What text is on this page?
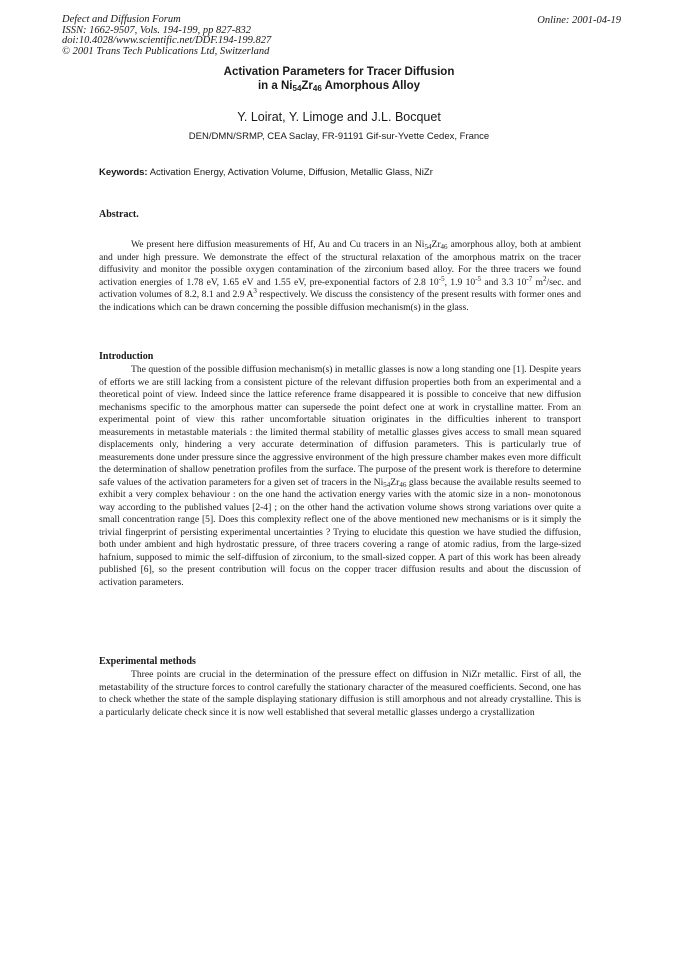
Defect and Diffusion Forum
ISSN: 1662-9507, Vols. 194-199, pp 827-832
doi:10.4028/www.scientific.net/DDF.194-199.827
© 2001 Trans Tech Publications Ltd, Switzerland
Online: 2001-04-19
Activation Parameters for Tracer Diffusion
in a $Ni_{54}Zr_{46}$ Amorphous Alloy
Y. Loirat, Y. Limoge and J.L. Bocquet
DEN/DMN/SRMP, CEA Saclay, FR-91191 Gif-sur-Yvette Cedex, France
Keywords: Activation Energy, Activation Volume, Diffusion, Metallic Glass, NiZr
Abstract.

We present here diffusion measurements of Hf, Au and Cu tracers in an $Ni_{54}Zr_{46}$ amorphous alloy, both at ambient and under high pressure. We demonstrate the effect of the structural relaxation of the amorphous matrix on the tracer diffusivity and monitor the possible oxygen contamination of the zirconium based alloy. For the three tracers we found activation energies of 1.78 eV, 1.65 eV and 1.55 eV, pre-exponential factors of 2.8 $10^{-5}$, 1.9 $10^{-5}$ and 3.3 $10^{-7}$ $m^2/\sec$. and activation volumes of 8.2, 8.1 and 2.9 $A^3$ respectively. We discuss the consistency of the present results with former ones and the indications which can be drawn concerning the possible diffusion mechanism(s) in the glass.

Introduction

The question of the possible diffusion mechanism(s) in metallic glasses is now a long standing one [1]. Despite years of efforts we are still lacking from a consistent picture of the relevant diffusion properties both from an experimental and a theoretical point of view. Indeed since the lattice reference frame disappeared it is possible to conceive that new diffusion mechanisms specific to the amorphous matter can supersede the point defect one at work in crystalline matter. From an experimental point of view this rather uncomfortable situation originates in the difficulties inherent to transport measurements in metastable materials : the limited thermal stability of metallic glasses gives access to small mean squared displacements only, hindering a very accurate determination of diffusion parameters. This is particularly true of measurements done under pressure since the aggressive environment of the high pressure chamber makes even more difficult the determination of shallow penetration profiles from the surface. The purpose of the present work is therefore to determine safe values of the activation parameters for a given set of tracers in the $Ni_{54}Zr_{46}$ glass because the available results seemed to exhibit a very complex behaviour : on the one hand the activation energy varies with the atomic size in a non- monotonous way according to the published values [2-4] ; on the other hand the activation volume shows strong variations over quite a small concentration range [5]. Does this complexity reflect one of the above mentioned new mechanisms or is it simply the trivial fingerprint of persisting experimental uncertainties ? Trying to elucidate this question we have studied the diffusion, both under ambient and high hydrostatic pressure, of three tracers covering a range of atomic radius, from the large-sized hafnium, supposed to mimic the self-diffusion of zirconium, to the small-sized copper. A part of this work has been already published [6], so the present contribution will focus on the copper tracer diffusion results and about the discussion of activation parameters.

Experimental methods

Three points are crucial in the determination of the pressure effect on diffusion in NiZr metallic. First of all, the metastability of the structure forces to control carefully the stationary character of the measured coefficients. Second, one has to check whether the state of the sample displaying stationary diffusion is still amorphous and not already crystalline. This is a particularly delicate check since it is now well established that several metallic glasses undergo a crystallization
